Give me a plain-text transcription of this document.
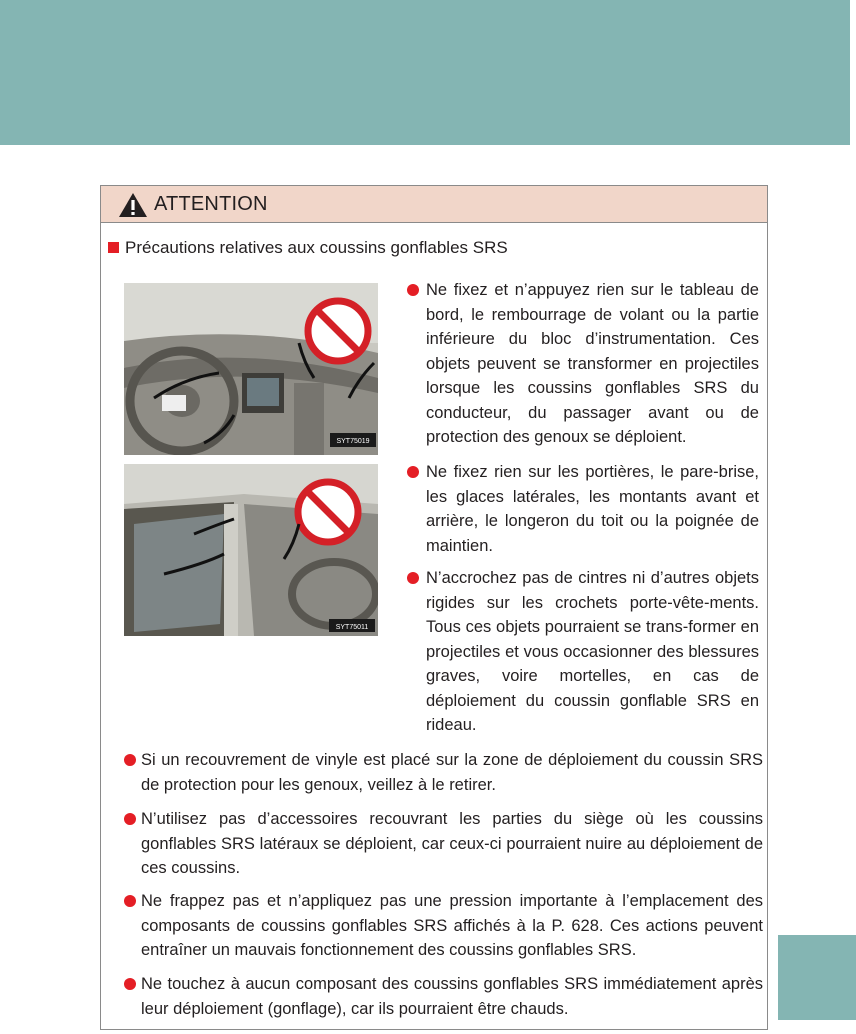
ATTENTION
Précautions relatives aux coussins gonflables SRS
SYT75019
SYT75011
Ne fixez et n’appuyez rien sur le tableau de bord, le rembourrage de volant ou la partie inférieure du bloc d’instrumentation. Ces objets peuvent se transformer en projectiles lorsque les coussins gonflables SRS du conducteur, du passager avant ou de protection des genoux se déploient.
Ne fixez rien sur les portières, le pare-brise, les glaces latérales, les montants avant et arrière, le longeron du toit ou la poignée de maintien.
N’accrochez pas de cintres ni d’autres objets rigides sur les crochets porte-vête-ments. Tous ces objets pourraient se trans-former en projectiles et vous occasionner des blessures graves, voire mortelles, en cas de déploiement du coussin gonflable SRS en rideau.
Si un recouvrement de vinyle est placé sur la zone de déploiement du coussin SRS de protection pour les genoux, veillez à le retirer.
N’utilisez pas d’accessoires recouvrant les parties du siège où les coussins gonflables SRS latéraux se déploient, car ceux-ci pourraient nuire au déploiement de ces coussins.
Ne frappez pas et n’appliquez pas une pression importante à l’emplacement des composants de coussins gonflables SRS affichés à la P. 628. Ces actions peuvent entraîner un mauvais fonctionnement des coussins gonflables SRS.
Ne touchez à aucun composant des coussins gonflables SRS immédiatement après leur déploiement (gonflage), car ils pourraient être chauds.
